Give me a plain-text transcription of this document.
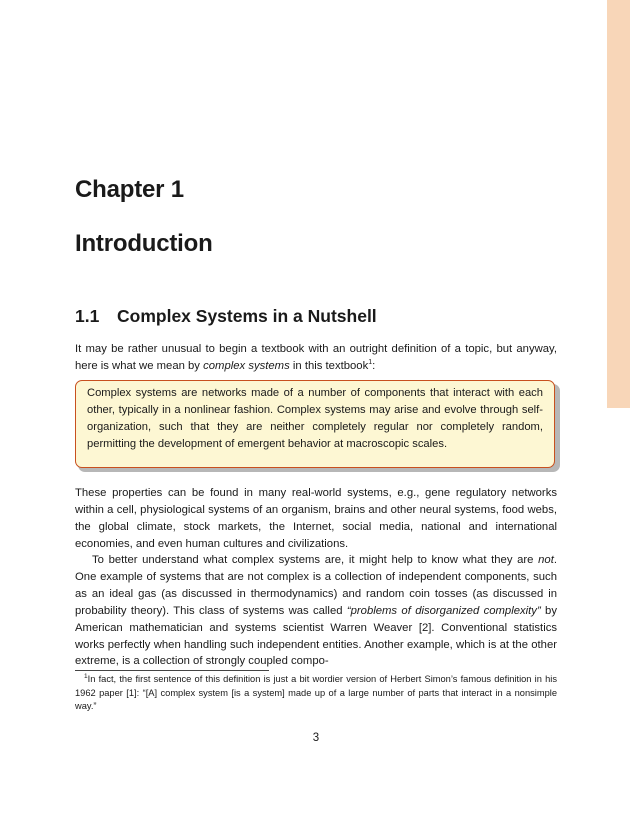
Chapter 1
Introduction
1.1 Complex Systems in a Nutshell

It may be rather unusual to begin a textbook with an outright definition of a topic, but anyway, here is what we mean by complex systems in this textbook$^1$:

Complex systems are networks made of a number of components that interact with each other, typically in a nonlinear fashion. Complex systems may arise and evolve through self-organization, such that they are neither completely regular nor completely random, permitting the development of emergent behavior at macroscopic scales.

These properties can be found in many real-world systems, e.g., gene regulatory networks within a cell, physiological systems of an organism, brains and other neural systems, food webs, the global climate, stock markets, the Internet, social media, national and international economies, and even human cultures and civilizations.

To better understand what complex systems are, it might help to know what they are not. One example of systems that are not complex is a collection of independent components, such as an ideal gas (as discussed in thermodynamics) and random coin tosses (as discussed in probability theory). This class of systems was called “problems of disorganized complexity” by American mathematician and systems scientist Warren Weaver [2]. Conventional statistics works perfectly when handling such independent entities. Another example, which is at the other extreme, is a collection of strongly coupled compo-

$^1$In fact, the first sentence of this definition is just a bit wordier version of Herbert Simon’s famous definition in his 1962 paper [1]: “[A] complex system [is a system] made up of a large number of parts that interact in a nonsimple way.”

3
